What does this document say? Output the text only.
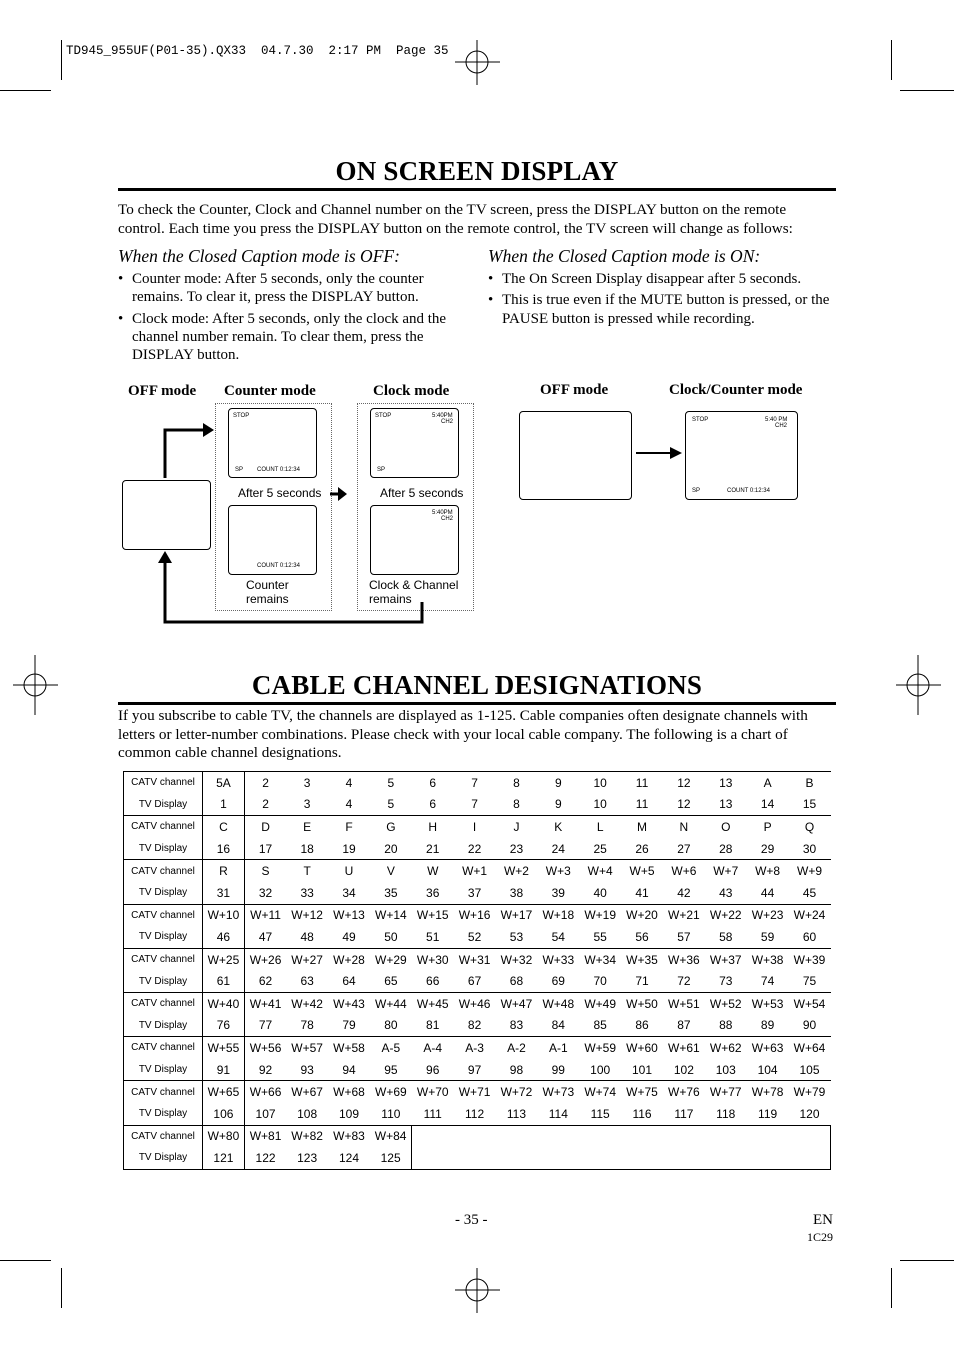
TD945_955UF(P01-35).QX33  04.7.30  2:17 PM  Page 35
ON SCREEN DISPLAY
To check the Counter, Clock and Channel number on the TV screen, press the DISPLAY button on the remote control. Each time you press the DISPLAY button on the remote control, the TV screen will change as follows:
When the Closed Caption mode is OFF:
• Counter mode: After 5 seconds, only the counter remains. To clear it, press the DISPLAY button.
• Clock mode: After 5 seconds, only the clock and the channel number remain. To clear them, press the DISPLAY button.
When the Closed Caption mode is ON:
• The On Screen Display disappear after 5 seconds.
• This is true even if the MUTE button is pressed, or the PAUSE button is pressed while recording.
OFF mode Counter mode	Clock mode
STOP
SP COUNT 0:12:34
After 5 seconds
COUNT 0:12:34
Counter
remains
STOP	5:40PM
CH2
SP
After 5 seconds
5:40PM
CH2
Clock & Channel
remains
OFF mode	Clock/Counter mode
STOP	5:40 PM
CH2
SP	COUNT 0:12:34
CABLE CHANNEL DESIGNATIONS
If you subscribe to cable TV, the channels are displayed as 1-125. Cable companies often designate channels with letters or letter-number combinations. Please check with your local cable company. The following is a chart of common cable channel designations.
CATV channel	5A	2	3	4	5	6	7	8	9	10	11	12	13	A	B
TV Display	1	2	3	4	5	6	7	8	9	10	11	12	13	14	15
CATV channel	C	D	E	F	G	H	I	J	K	L	M	N	O	P	Q
TV Display	16	17	18	19	20	21	22	23	24	25	26	27	28	29	30
CATV channel	R	S	T	U	V	W	W+1	W+2	W+3	W+4	W+5	W+6	W+7	W+8	W+9
TV Display	31	32	33	34	35	36	37	38	39	40	41	42	43	44	45
CATV channel	W+10	W+11	W+12	W+13	W+14	W+15	W+16	W+17	W+18	W+19	W+20	W+21	W+22	W+23	W+24
TV Display	46	47	48	49	50	51	52	53	54	55	56	57	58	59	60
CATV channel	W+25	W+26	W+27	W+28	W+29	W+30	W+31	W+32	W+33	W+34	W+35	W+36	W+37	W+38	W+39
TV Display	61	62	63	64	65	66	67	68	69	70	71	72	73	74	75
CATV channel	W+40	W+41	W+42	W+43	W+44	W+45	W+46	W+47	W+48	W+49	W+50	W+51	W+52	W+53	W+54
TV Display	76	77	78	79	80	81	82	83	84	85	86	87	88	89	90
CATV channel	W+55	W+56	W+57	W+58	A-5	A-4	A-3	A-2	A-1	W+59	W+60	W+61	W+62	W+63	W+64
TV Display	91	92	93	94	95	96	97	98	99	100	101	102	103	104	105
CATV channel	W+65	W+66	W+67	W+68	W+69	W+70	W+71	W+72	W+73	W+74	W+75	W+76	W+77	W+78	W+79
TV Display	106	107	108	109	110	111	112	113	114	115	116	117	118	119	120
CATV channel	W+80	W+81	W+82	W+83	W+84										
TV Display	121	122	123	124	125										
- 35 -	EN
1C29
